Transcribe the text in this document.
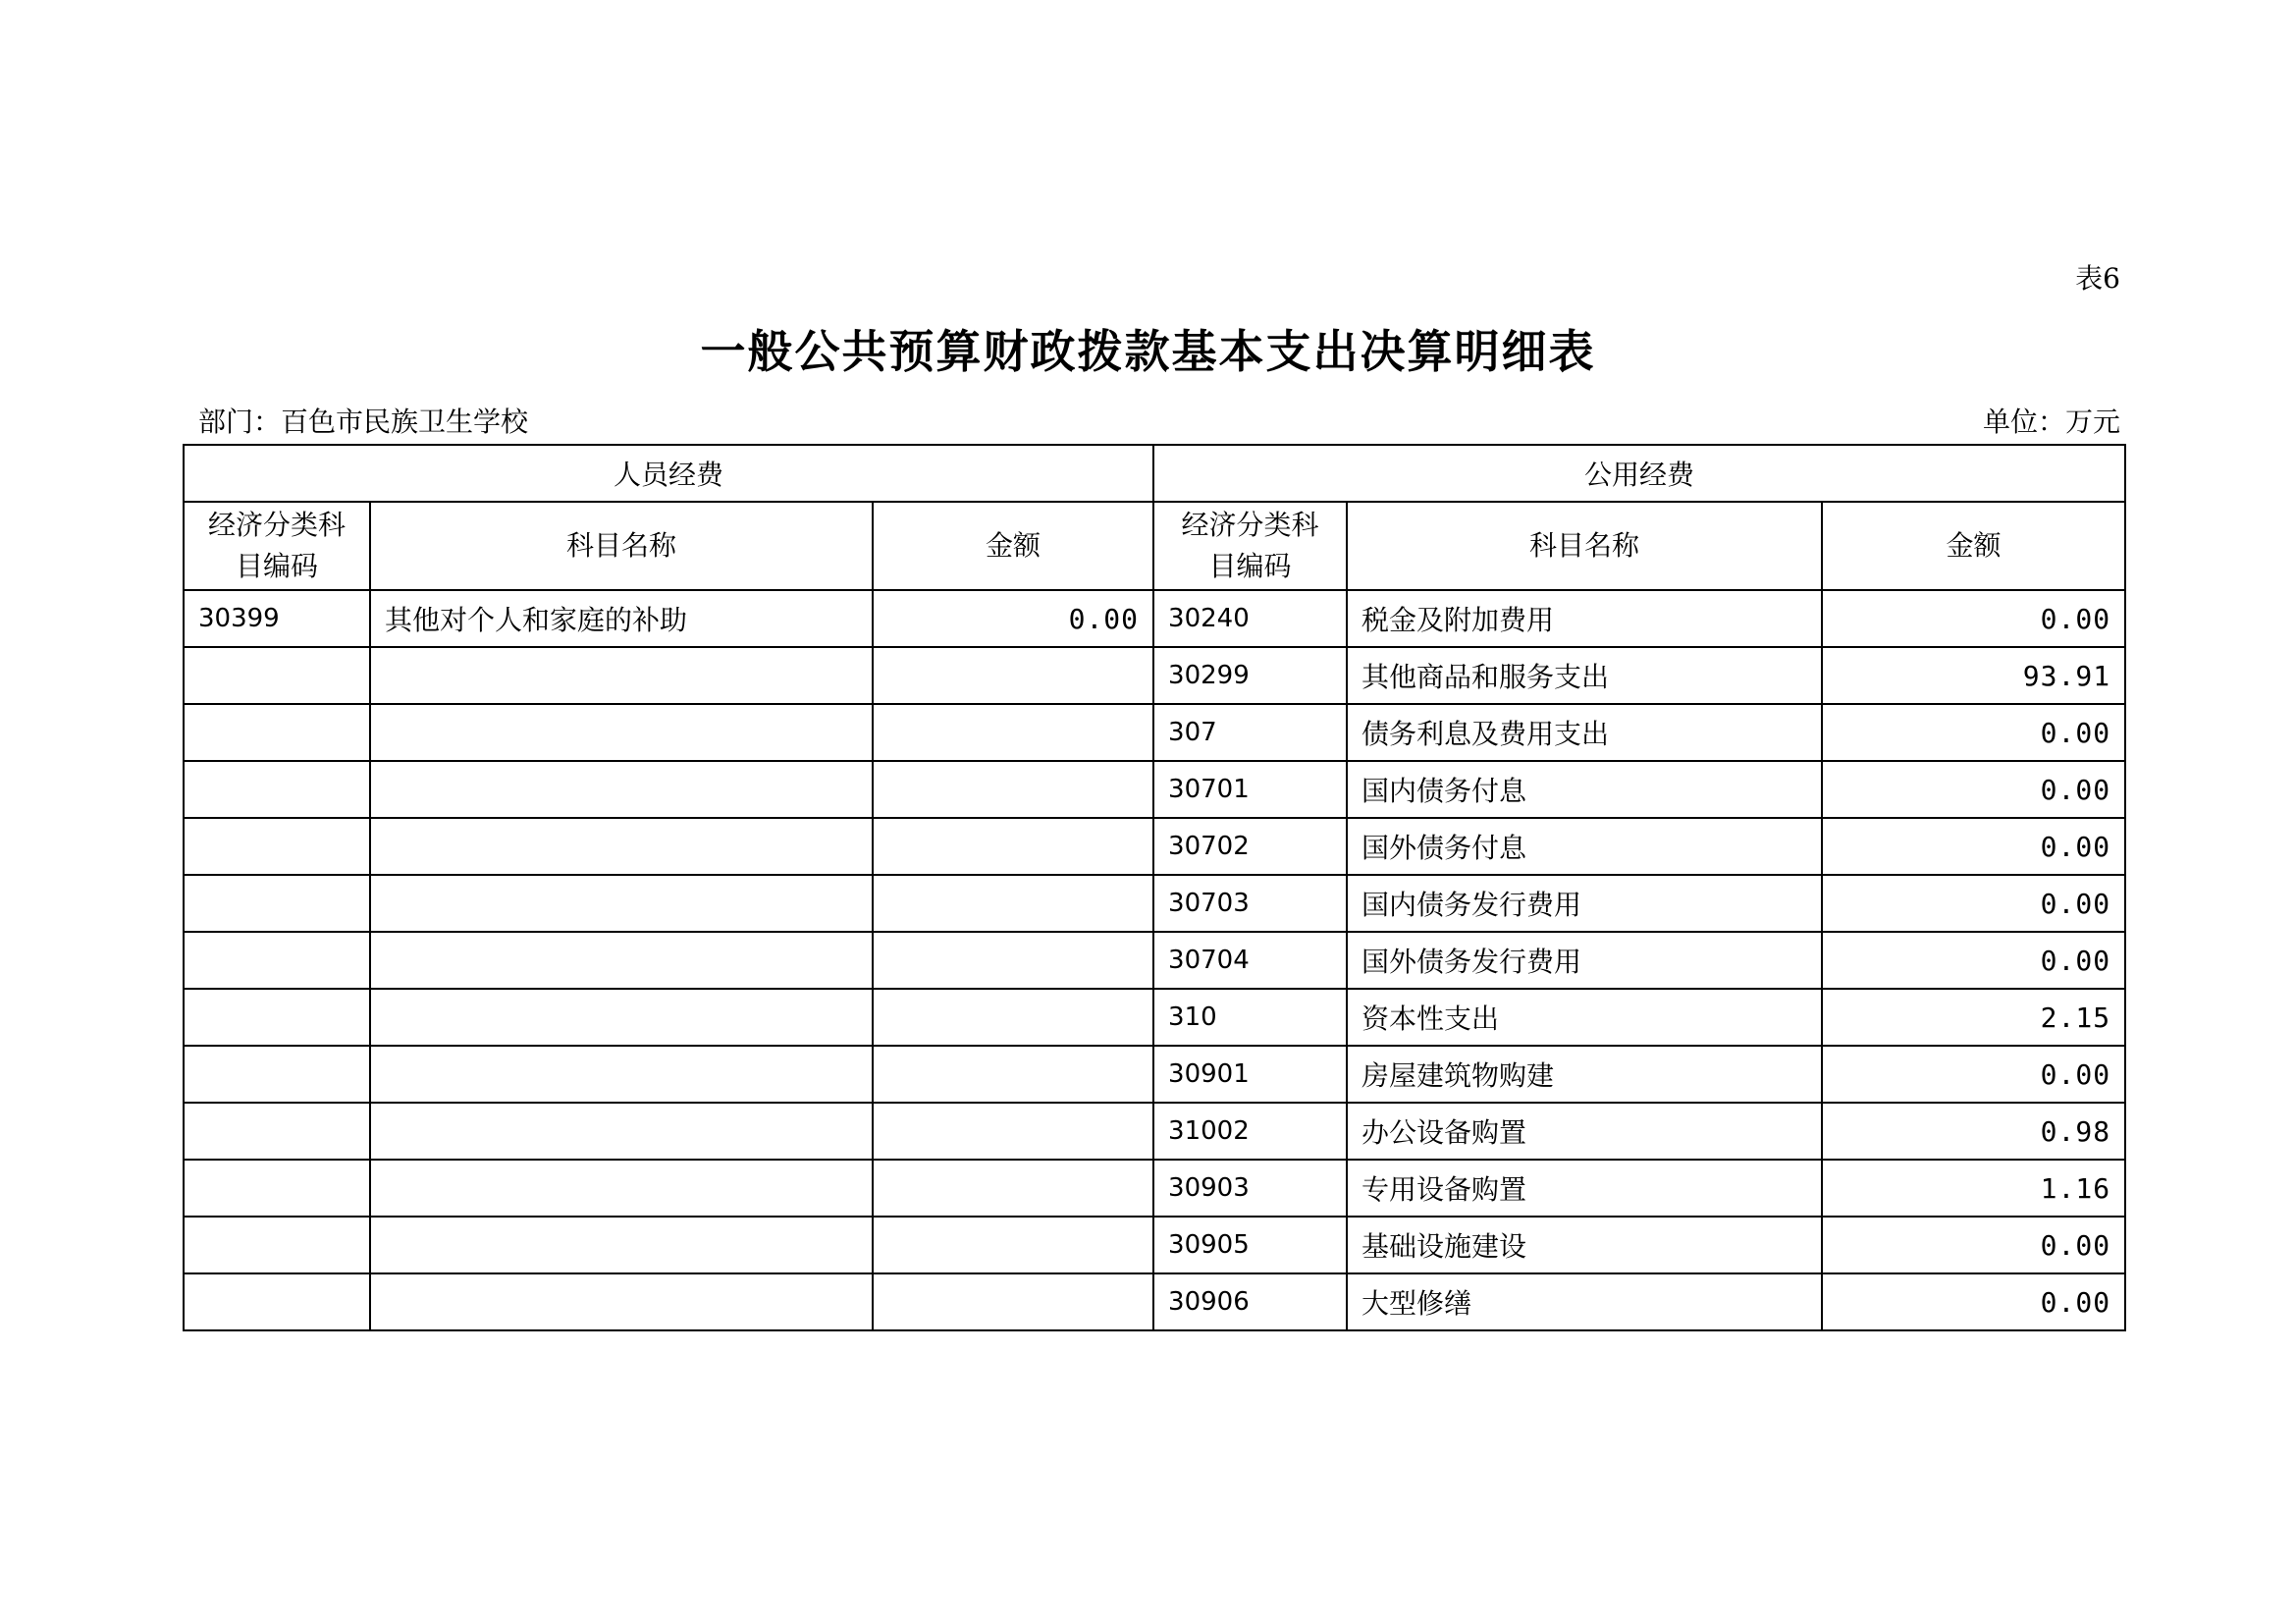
表6
一般公共预算财政拨款基本支出决算明细表
部门：百色市民族卫生学校	单位：万元
人员经费			公用经费		
经济分类科目编码	科目名称	金额	经济分类科目编码	科目名称	金额
30399	其他对个人和家庭的补助	0.00	30240	税金及附加费用	0.00
			30299	其他商品和服务支出	93.91
			307	债务利息及费用支出	0.00
			30701	国内债务付息	0.00
			30702	国外债务付息	0.00
			30703	国内债务发行费用	0.00
			30704	国外债务发行费用	0.00
			310	资本性支出	2.15
			30901	房屋建筑物购建	0.00
			31002	办公设备购置	0.98
			30903	专用设备购置	1.16
			30905	基础设施建设	0.00
			30906	大型修缮	0.00
